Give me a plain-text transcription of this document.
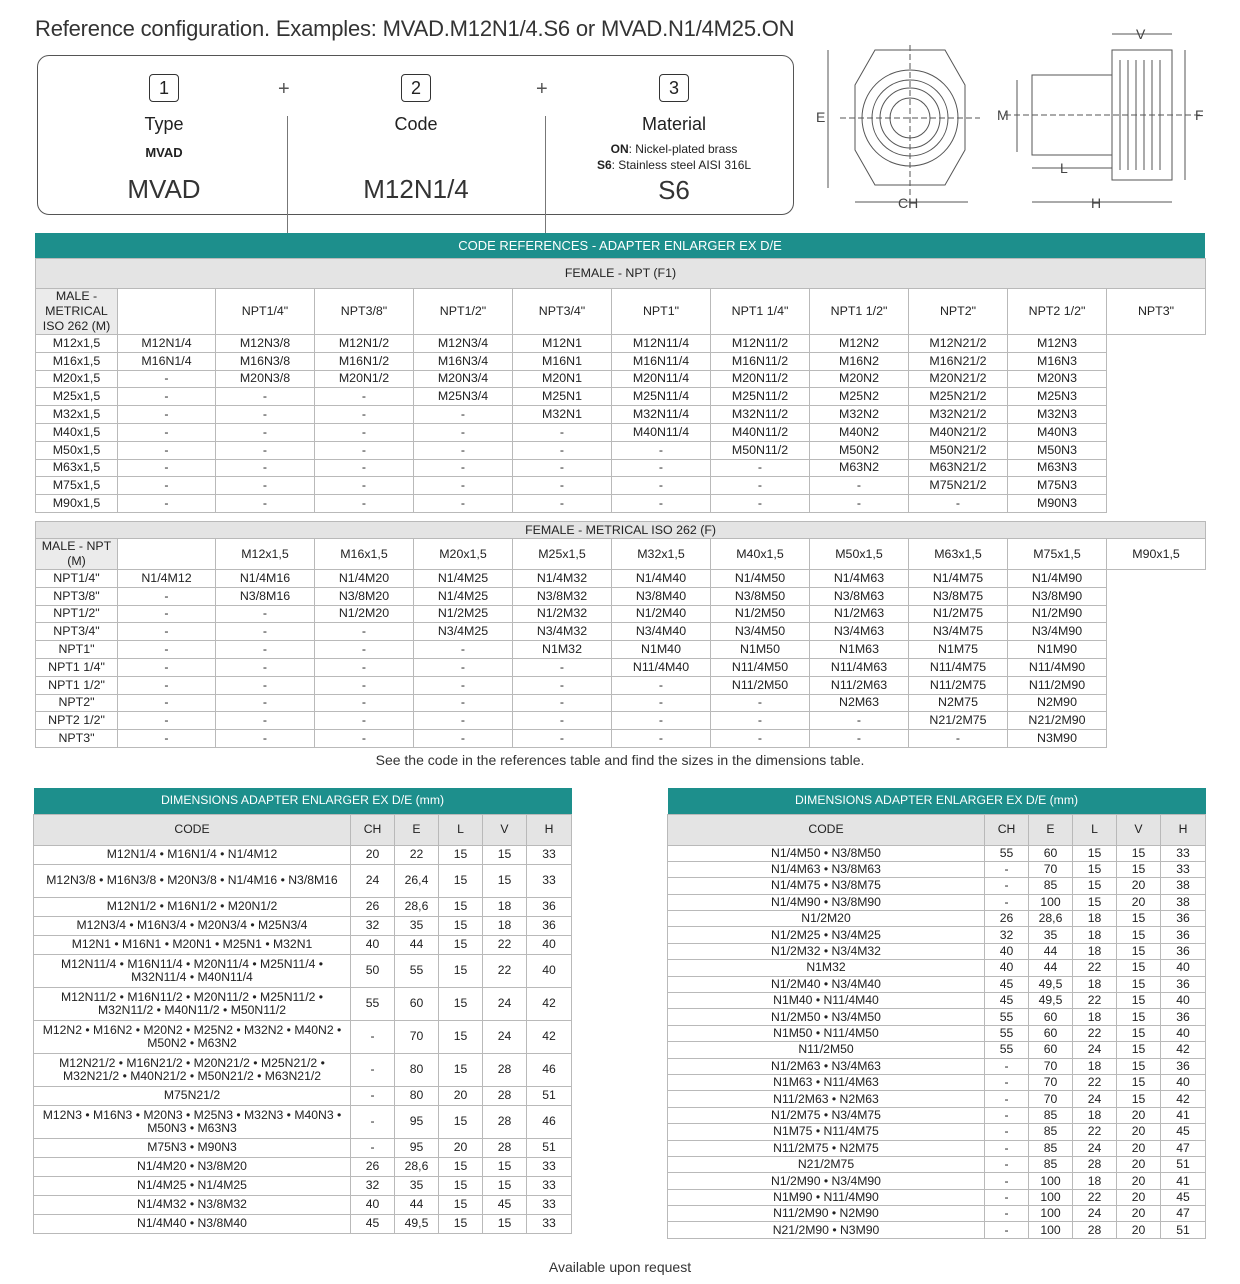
Reference configuration. Examples: MVAD.M12N1/4.S6 or MVAD.N1/4M25.ON
1
Type
MVAD
MVAD
2
Code
M12N1/4
3
Material
ON: Nickel-plated brass
S6: Stainless steel AISI 316L
S6
+	+
E
CH
M	F
V
L
H
CODE REFERENCES - ADAPTER ENLARGER EX D/E
FEMALE - NPT (F1)											
MALE - METRICAL ISO 262 (M)		NPT1/4"	NPT3/8"	NPT1/2"	NPT3/4"	NPT1"	NPT1 1/4"	NPT1 1/2"	NPT2"	NPT2 1/2"	NPT3"
M12x1,5	M12N1/4	M12N3/8	M12N1/2	M12N3/4	M12N1	M12N11/4	M12N11/2	M12N2	M12N21/2	M12N3	
M16x1,5	M16N1/4	M16N3/8	M16N1/2	M16N3/4	M16N1	M16N11/4	M16N11/2	M16N2	M16N21/2	M16N3	
M20x1,5	-	M20N3/8	M20N1/2	M20N3/4	M20N1	M20N11/4	M20N11/2	M20N2	M20N21/2	M20N3	
M25x1,5	-	-	-	M25N3/4	M25N1	M25N11/4	M25N11/2	M25N2	M25N21/2	M25N3	
M32x1,5	-	-	-	-	M32N1	M32N11/4	M32N11/2	M32N2	M32N21/2	M32N3	
M40x1,5	-	-	-	-	-	M40N11/4	M40N11/2	M40N2	M40N21/2	M40N3	
M50x1,5	-	-	-	-	-	-	M50N11/2	M50N2	M50N21/2	M50N3	
M63x1,5	-	-	-	-	-	-	-	M63N2	M63N21/2	M63N3	
M75x1,5	-	-	-	-	-	-	-	-	M75N21/2	M75N3	
M90x1,5	-	-	-	-	-	-	-	-	-	M90N3	
FEMALE - METRICAL ISO 262 (F)											
MALE - NPT (M)		M12x1,5	M16x1,5	M20x1,5	M25x1,5	M32x1,5	M40x1,5	M50x1,5	M63x1,5	M75x1,5	M90x1,5
NPT1/4"	N1/4M12	N1/4M16	N1/4M20	N1/4M25	N1/4M32	N1/4M40	N1/4M50	N1/4M63	N1/4M75	N1/4M90	
NPT3/8"	-	N3/8M16	N3/8M20	N1/4M25	N3/8M32	N3/8M40	N3/8M50	N3/8M63	N3/8M75	N3/8M90	
NPT1/2"	-	-	N1/2M20	N1/2M25	N1/2M32	N1/2M40	N1/2M50	N1/2M63	N1/2M75	N1/2M90	
NPT3/4"	-	-	-	N3/4M25	N3/4M32	N3/4M40	N3/4M50	N3/4M63	N3/4M75	N3/4M90	
NPT1"	-	-	-	-	N1M32	N1M40	N1M50	N1M63	N1M75	N1M90	
NPT1 1/4"	-	-	-	-	-	N11/4M40	N11/4M50	N11/4M63	N11/4M75	N11/4M90	
NPT1 1/2"	-	-	-	-	-	-	N11/2M50	N11/2M63	N11/2M75	N11/2M90	
NPT2"	-	-	-	-	-	-	-	N2M63	N2M75	N2M90	
NPT2 1/2"	-	-	-	-	-	-	-	-	N21/2M75	N21/2M90	
NPT3"	-	-	-	-	-	-	-	-	-	N3M90	
See the code in the references table and find the sizes in the dimensions table.
DIMENSIONS ADAPTER ENLARGER EX D/E (mm)					
CODE	CH	E	L	V	H
M12N1/4 • M16N1/4 • N1/4M12	20	22	15	15	33
M12N3/8 • M16N3/8 • M20N3/8 • N1/4M16 • N3/8M16	24	26,4	15	15	33
M12N1/2 • M16N1/2 • M20N1/2	26	28,6	15	18	36
M12N3/4 • M16N3/4 • M20N3/4 • M25N3/4	32	35	15	18	36
M12N1 • M16N1 • M20N1 • M25N1 • M32N1	40	44	15	22	40
M12N11/4 • M16N11/4 • M20N11/4 • M25N11/4 • M32N11/4 • M40N11/4	50	55	15	22	40
M12N11/2 • M16N11/2 • M20N11/2 • M25N11/2 • M32N11/2 • M40N11/2 • M50N11/2	55	60	15	24	42
M12N2 • M16N2 • M20N2 • M25N2 • M32N2 • M40N2 • M50N2 • M63N2	-	70	15	24	42
M12N21/2 • M16N21/2 • M20N21/2 • M25N21/2 • M32N21/2 • M40N21/2 • M50N21/2 • M63N21/2	-	80	15	28	46
M75N21/2	-	80	20	28	51
M12N3 • M16N3 • M20N3 • M25N3 • M32N3 • M40N3 • M50N3 • M63N3	-	95	15	28	46
M75N3 • M90N3	-	95	20	28	51
N1/4M20 • N3/8M20	26	28,6	15	15	33
N1/4M25 • N1/4M25	32	35	15	15	33
N1/4M32 • N3/8M32	40	44	15	45	33
N1/4M40 • N3/8M40	45	49,5	15	15	33
DIMENSIONS ADAPTER ENLARGER EX D/E (mm)					
CODE	CH	E	L	V	H
N1/4M50 • N3/8M50	55	60	15	15	33
N1/4M63 • N3/8M63	-	70	15	15	33
N1/4M75 • N3/8M75	-	85	15	20	38
N1/4M90 • N3/8M90	-	100	15	20	38
N1/2M20	26	28,6	18	15	36
N1/2M25 • N3/4M25	32	35	18	15	36
N1/2M32 • N3/4M32	40	44	18	15	36
N1M32	40	44	22	15	40
N1/2M40 • N3/4M40	45	49,5	18	15	36
N1M40 • N11/4M40	45	49,5	22	15	40
N1/2M50 • N3/4M50	55	60	18	15	36
N1M50 • N11/4M50	55	60	22	15	40
N11/2M50	55	60	24	15	42
N1/2M63 • N3/4M63	-	70	18	15	36
N1M63 • N11/4M63	-	70	22	15	40
N11/2M63 • N2M63	-	70	24	15	42
N1/2M75 • N3/4M75	-	85	18	20	41
N1M75 • N11/4M75	-	85	22	20	45
N11/2M75 • N2M75	-	85	24	20	47
N21/2M75	-	85	28	20	51
N1/2M90 • N3/4M90	-	100	18	20	41
N1M90 • N11/4M90	-	100	22	20	45
N11/2M90 • N2M90	-	100	24	20	47
N21/2M90 • N3M90	-	100	28	20	51
Available upon request
